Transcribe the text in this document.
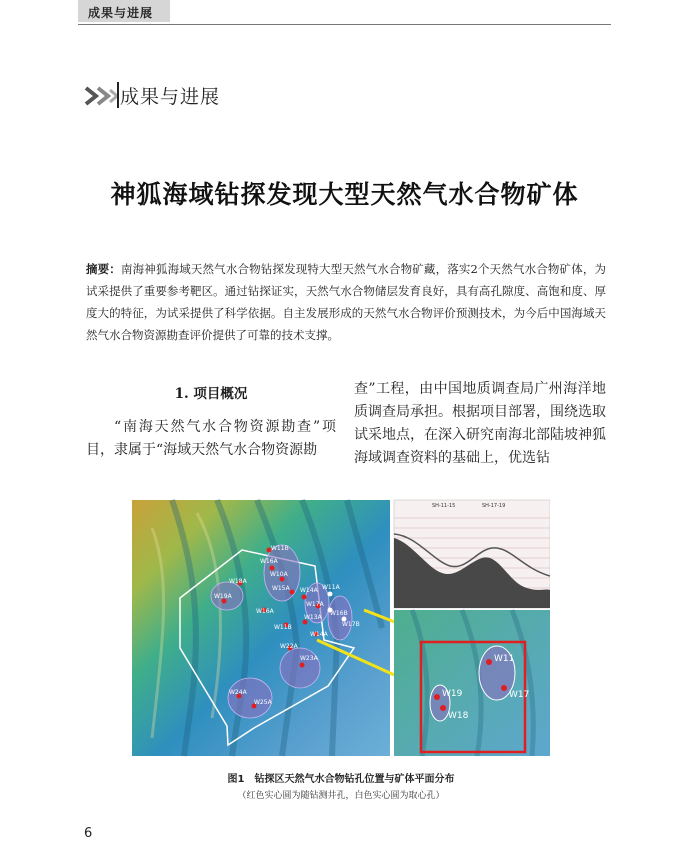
成果与进展
成果与进展
神狐海域钻探发现大型天然气水合物矿体
摘要：南海神狐海域天然气水合物钻探发现特大型天然气水合物矿藏，落实2个天然气水合物矿体，为试采提供了重要参考靶区。通过钻探证实，天然气水合物储层发育良好，具有高孔隙度、高饱和度、厚度大的特征，为试采提供了科学依据。自主发展形成的天然气水合物评价预测技术，为今后中国海域天然气水合物资源勘查评价提供了可靠的技术支撑。
1. 项目概况
“南海天然气水合物资源勘查”项目，隶属于“海域天然气水合物资源勘
查”工程，由中国地质调查局广州海洋地质调查局承担。根据项目部署，围绕选取试采地点，在深入研究南海北部陆坡神狐海域调查资料的基础上，优选钻
W11B
W16A
W18A
W10A
W19A
W15A W14A
W16A
W17A
W11A
W11B
W16B
W13A
W22A
W23A
W24A
W25A
W14A
W17B
SH-11-15	SH-17-19
W11
W19
W18
W17
图1　钻探区天然气水合物钻孔位置与矿体平面分布
（红色实心圆为随钻测井孔，白色实心圆为取心孔）
6
